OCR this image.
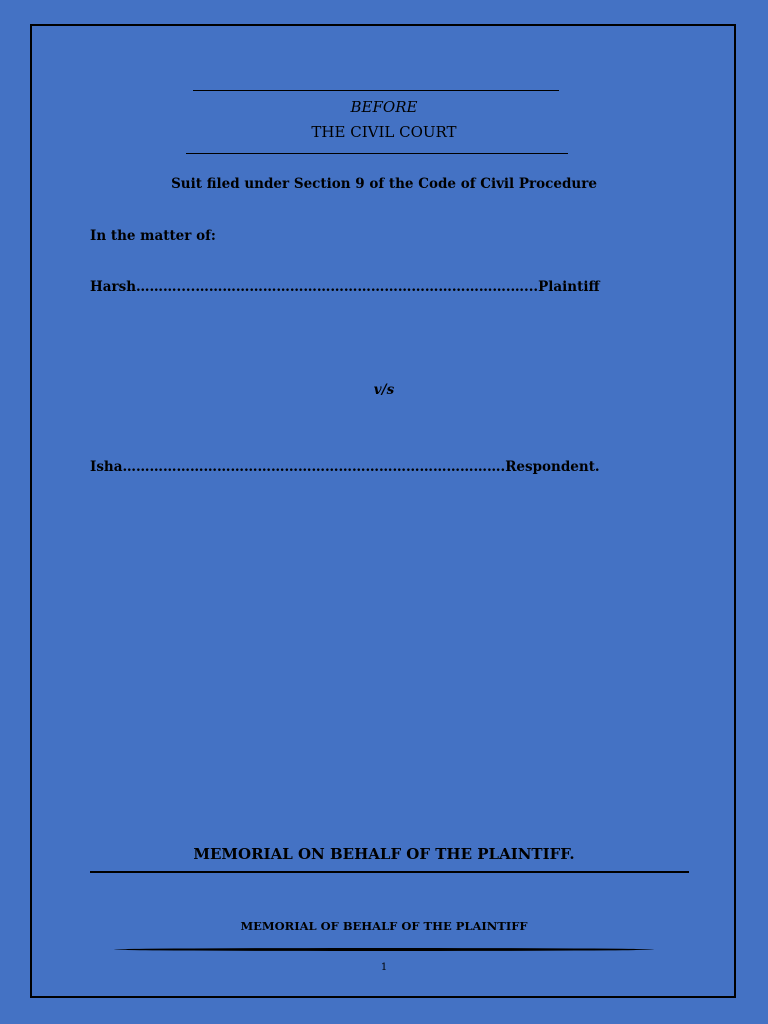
BEFORE
THE CIVIL COURT
Suit filed under Section 9 of the Code of Civil Procedure
In the matter of:
Harsh………....…………………………………………………………….…...Plaintiff
v/s
Isha………………………………………………………………………….Respondent.
MEMORIAL ON BEHALF OF THE PLAINTIFF.
MEMORIAL OF BEHALF OF THE PLAINTIFF
1
